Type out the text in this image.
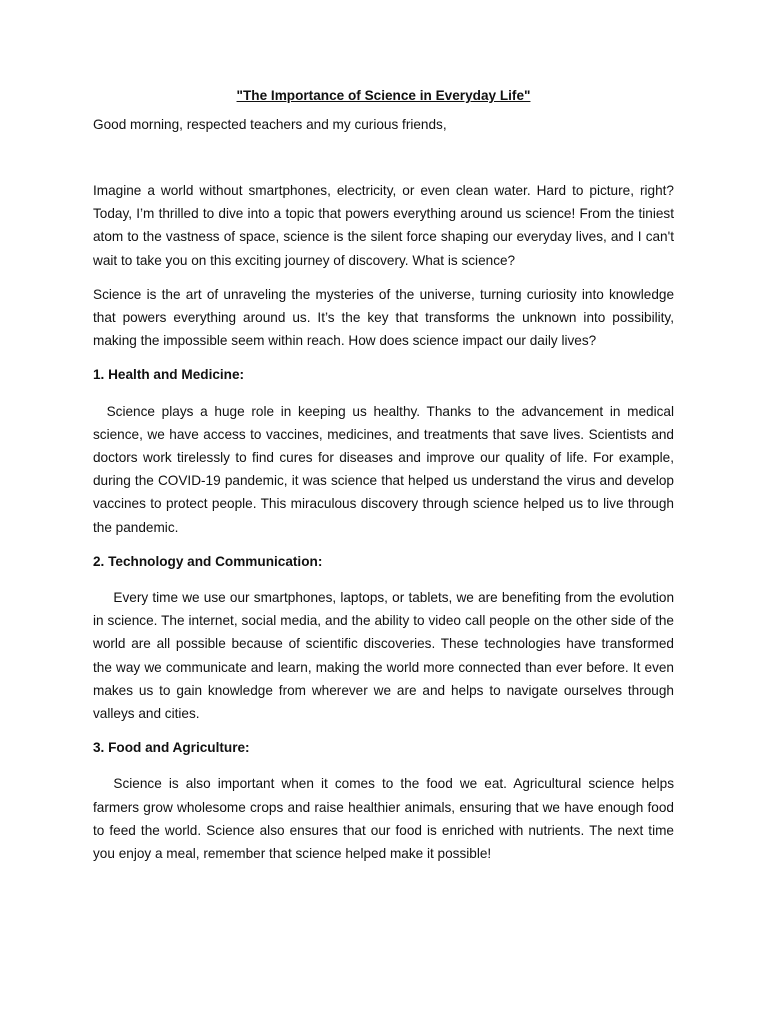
"The Importance of Science in Everyday Life"

Good morning, respected teachers and my curious friends,

Imagine a world without smartphones, electricity, or even clean water. Hard to picture, right? Today, I’m thrilled to dive into a topic that powers everything around us science! From the tiniest atom to the vastness of space, science is the silent force shaping our everyday lives, and I can't wait to take you on this exciting journey of discovery. What is science?

Science is the art of unraveling the mysteries of the universe, turning curiosity into knowledge that powers everything around us. It’s the key that transforms the unknown into possibility, making the impossible seem within reach. How does science impact our daily lives?

1. Health and Medicine:

 Science plays a huge role in keeping us healthy. Thanks to the advancement in medical science, we have access to vaccines, medicines, and treatments that save lives. Scientists and doctors work tirelessly to find cures for diseases and improve our quality of life. For example, during the COVID-19 pandemic, it was science that helped us understand the virus and develop vaccines to protect people. This miraculous discovery through science helped us to live through the pandemic.

2. Technology and Communication:

  Every time we use our smartphones, laptops, or tablets, we are benefiting from the evolution in science. The internet, social media, and the ability to video call people on the other side of the world are all possible because of scientific discoveries. These technologies have transformed the way we communicate and learn, making the world more connected than ever before. It even makes us to gain knowledge from wherever we are and helps to navigate ourselves through valleys and cities.

3. Food and Agriculture:

  Science is also important when it comes to the food we eat. Agricultural science helps farmers grow wholesome crops and raise healthier animals, ensuring that we have enough food to feed the world. Science also ensures that our food is enriched with nutrients. The next time you enjoy a meal, remember that science helped make it possible!
